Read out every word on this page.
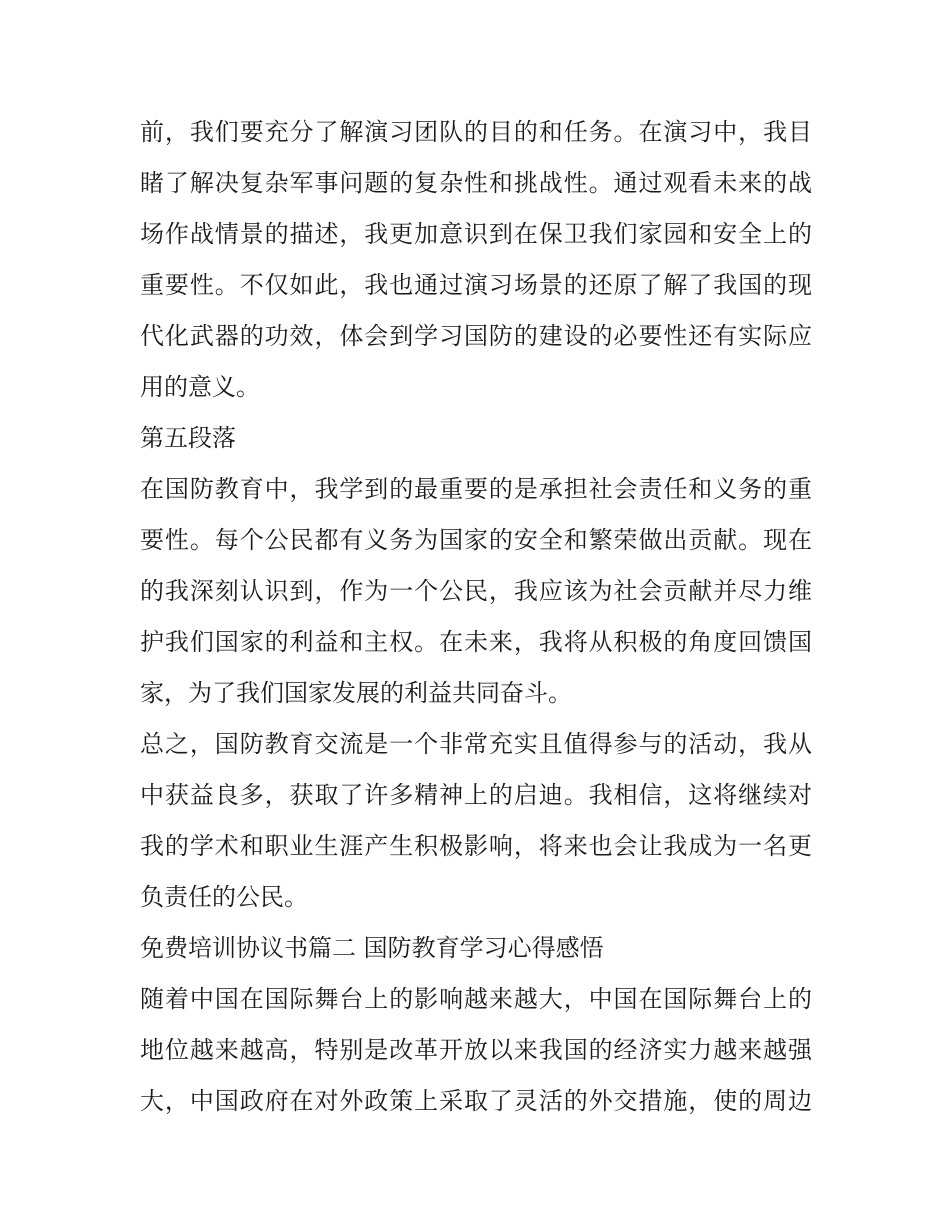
前，我们要充分了解演习团队的目的和任务。在演习中，我目
睹了解决复杂军事问题的复杂性和挑战性。通过观看未来的战
场作战情景的描述，我更加意识到在保卫我们家园和安全上的
重要性。不仅如此，我也通过演习场景的还原了解了我国的现
代化武器的功效，体会到学习国防的建设的必要性还有实际应
用的意义。
第五段落
在国防教育中，我学到的最重要的是承担社会责任和义务的重
要性。每个公民都有义务为国家的安全和繁荣做出贡献。现在
的我深刻认识到，作为一个公民，我应该为社会贡献并尽力维
护我们国家的利益和主权。在未来，我将从积极的角度回馈国
家，为了我们国家发展的利益共同奋斗。
总之，国防教育交流是一个非常充实且值得参与的活动，我从
中获益良多，获取了许多精神上的启迪。我相信，这将继续对
我的学术和职业生涯产生积极影响，将来也会让我成为一名更
负责任的公民。
免费培训协议书篇二 国防教育学习心得感悟
随着中国在国际舞台上的影响越来越大，中国在国际舞台上的
地位越来越高，特别是改革开放以来我国的经济实力越来越强
大，中国政府在对外政策上采取了灵活的外交措施，使的周边
